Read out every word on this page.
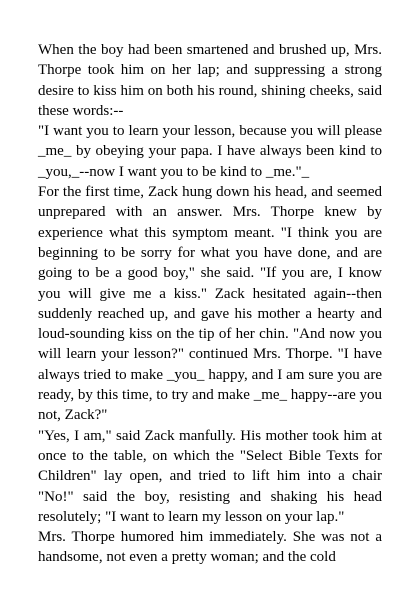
When the boy had been smartened and brushed up, Mrs. Thorpe took him on her lap; and suppressing a strong desire to kiss him on both his round, shining cheeks, said these words:--

"I want you to learn your lesson, because you will please _me_ by obeying your papa. I have always been kind to _you,_--now I want you to be kind to _me."_

For the first time, Zack hung down his head, and seemed unprepared with an answer. Mrs. Thorpe knew by experience what this symptom meant. "I think you are beginning to be sorry for what you have done, and are going to be a good boy," she said. "If you are, I know you will give me a kiss." Zack hesitated again--then suddenly reached up, and gave his mother a hearty and loud-sounding kiss on the tip of her chin. "And now you will learn your lesson?" continued Mrs. Thorpe. "I have always tried to make _you_ happy, and I am sure you are ready, by this time, to try and make _me_ happy--are you not, Zack?"

"Yes, I am," said Zack manfully. His mother took him at once to the table, on which the "Select Bible Texts for Children" lay open, and tried to lift him into a chair "No!" said the boy, resisting and shaking his head resolutely; "I want to learn my lesson on your lap."

Mrs. Thorpe humored him immediately. She was not a handsome, not even a pretty woman; and the cold
